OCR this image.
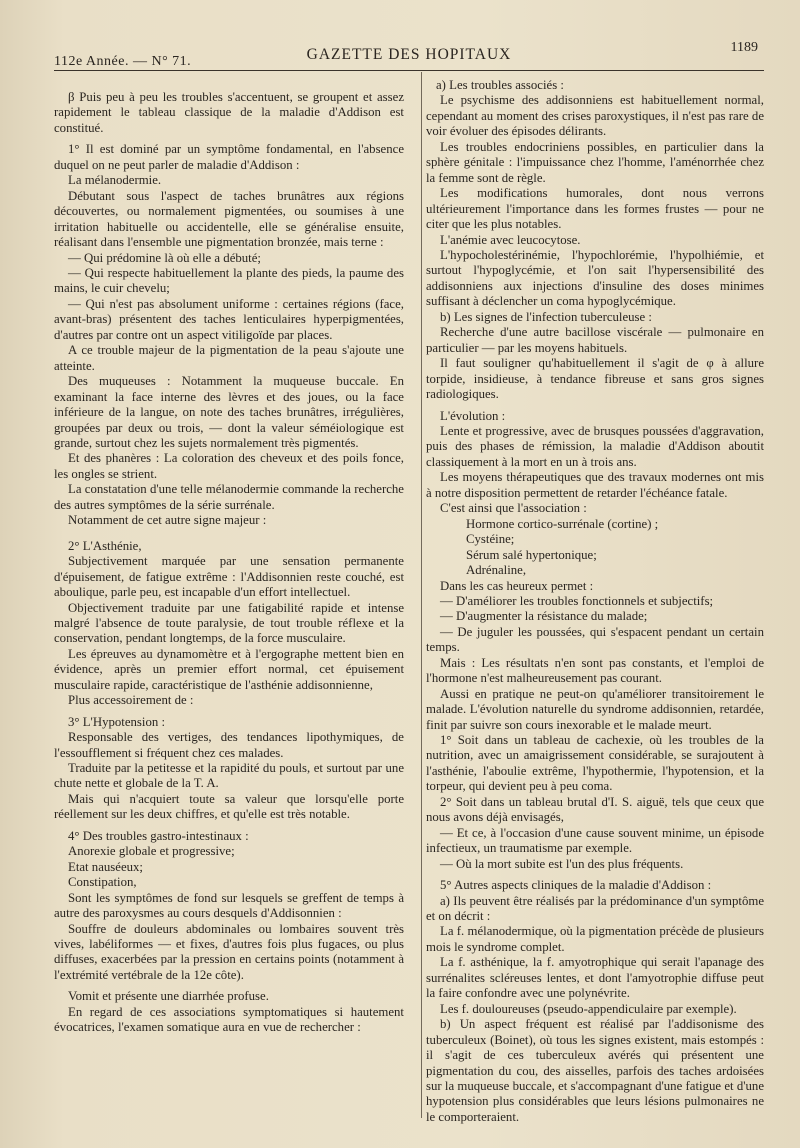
112e Année. — N° 71.	GAZETTE DES HOPITAUX	1189

β Puis peu à peu les troubles s'accentuent, se groupent et assez rapidement le tableau classique de la maladie d'Addison est constitué.

1° Il est dominé par un symptôme fondamental, en l'absence duquel on ne peut parler de maladie d'Addison :

La mélanodermie.

Débutant sous l'aspect de taches brunâtres aux régions découvertes, ou normalement pigmentées, ou soumises à une irritation habituelle ou accidentelle, elle se généralise ensuite, réalisant dans l'ensemble une pigmentation bronzée, mais terne :

— Qui prédomine là où elle a débuté;

— Qui respecte habituellement la plante des pieds, la paume des mains, le cuir chevelu;

— Qui n'est pas absolument uniforme : certaines régions (face, avant-bras) présentent des taches lenticulaires hyperpigmentées, d'autres par contre ont un aspect vitiligoïde par places.

A ce trouble majeur de la pigmentation de la peau s'ajoute une atteinte.

Des muqueuses : Notamment la muqueuse buccale. En examinant la face interne des lèvres et des joues, ou la face inférieure de la langue, on note des taches brunâtres, irrégulières, groupées par deux ou trois, — dont la valeur séméiologique est grande, surtout chez les sujets normalement très pigmentés.

Et des phanères : La coloration des cheveux et des poils fonce, les ongles se strient.

La constatation d'une telle mélanodermie commande la recherche des autres symptômes de la série surrénale.

Notamment de cet autre signe majeur :

2° L'Asthénie,

Subjectivement marquée par une sensation permanente d'épuisement, de fatigue extrême : l'Addisonnien reste couché, est aboulique, parle peu, est incapable d'un effort intellectuel.

Objectivement traduite par une fatigabilité rapide et intense malgré l'absence de toute paralysie, de tout trouble réflexe et la conservation, pendant longtemps, de la force musculaire.

Les épreuves au dynamomètre et à l'ergographe mettent bien en évidence, après un premier effort normal, cet épuisement musculaire rapide, caractéristique de l'asthénie addisonnienne,

Plus accessoirement de :

3° L'Hypotension :

Responsable des vertiges, des tendances lipothymiques, de l'essoufflement si fréquent chez ces malades.

Traduite par la petitesse et la rapidité du pouls, et surtout par une chute nette et globale de la T. A.

Mais qui n'acquiert toute sa valeur que lorsqu'elle porte réellement sur les deux chiffres, et qu'elle est très notable.

4° Des troubles gastro-intestinaux :

Anorexie globale et progressive;

Etat nauséeux;

Constipation,

Sont les symptômes de fond sur lesquels se greffent de temps à autre des paroxysmes au cours desquels d'Addisonnien :

Souffre de douleurs abdominales ou lombaires souvent très vives, labéliformes — et fixes, d'autres fois plus fugaces, ou plus diffuses, exacerbées par la pression en certains points (notamment à l'extrémité vertébrale de la 12e côte).

Vomit et présente une diarrhée profuse.

En regard de ces associations symptomatiques si hautement évocatrices, l'examen somatique aura en vue de rechercher :

a) Les troubles associés :

Le psychisme des addisonniens est habituellement normal, cependant au moment des crises paroxystiques, il n'est pas rare de voir évoluer des épisodes délirants.

Les troubles endocriniens possibles, en particulier dans la sphère génitale : l'impuissance chez l'homme, l'aménorrhée chez la femme sont de règle.

Les modifications humorales, dont nous verrons ultérieurement l'importance dans les formes frustes — pour ne citer que les plus notables.

L'anémie avec leucocytose.

L'hypocholestérinémie, l'hypochlorémie, l'hypolhiémie, et surtout l'hypoglycémie, et l'on sait l'hypersensibilité des addisonniens aux injections d'insuline des doses minimes suffisant à déclencher un coma hypoglycémique.

b) Les signes de l'infection tuberculeuse :

Recherche d'une autre bacillose viscérale — pulmonaire en particulier — par les moyens habituels.

Il faut souligner qu'habituellement il s'agit de φ à allure torpide, insidieuse, à tendance fibreuse et sans gros signes radiologiques.

L'évolution :

Lente et progressive, avec de brusques poussées d'aggravation, puis des phases de rémission, la maladie d'Addison aboutit classiquement à la mort en un à trois ans.

Les moyens thérapeutiques que des travaux modernes ont mis à notre disposition permettent de retarder l'échéance fatale.

C'est ainsi que l'association :

Hormone cortico-surrénale (cortine) ;

Cystéine;

Sérum salé hypertonique;

Adrénaline,

Dans les cas heureux permet :

— D'améliorer les troubles fonctionnels et subjectifs;

— D'augmenter la résistance du malade;

— De juguler les poussées, qui s'espacent pendant un certain temps.

Mais : Les résultats n'en sont pas constants, et l'emploi de l'hormone n'est malheureusement pas courant.

Aussi en pratique ne peut-on qu'améliorer transitoirement le malade. L'évolution naturelle du syndrome addisonnien, retardée, finit par suivre son cours inexorable et le malade meurt.

1° Soit dans un tableau de cachexie, où les troubles de la nutrition, avec un amaigrissement considérable, se surajoutent à l'asthénie, l'aboulie extrême, l'hypothermie, l'hypotension, et la torpeur, qui devient peu à peu coma.

2° Soit dans un tableau brutal d'I. S. aiguë, tels que ceux que nous avons déjà envisagés,

— Et ce, à l'occasion d'une cause souvent minime, un épisode infectieux, un traumatisme par exemple.

— Où la mort subite est l'un des plus fréquents.

5° Autres aspects cliniques de la maladie d'Addison :

a) Ils peuvent être réalisés par la prédominance d'un symptôme et on décrit :

La f. mélanodermique, où la pigmentation précède de plusieurs mois le syndrome complet.

La f. asthénique, la f. amyotrophique qui serait l'apanage des surrénalites scléreuses lentes, et dont l'amyotrophie diffuse peut la faire confondre avec une polynévrite.

Les f. douloureuses (pseudo-appendiculaire par exemple).

b) Un aspect fréquent est réalisé par l'addisonisme des tuberculeux (Boinet), où tous les signes existent, mais estompés : il s'agit de ces tuberculeux avérés qui présentent une pigmentation du cou, des aisselles, parfois des taches ardoisées sur la muqueuse buccale, et s'accompagnant d'une fatigue et d'une hypotension plus considérables que leurs lésions pulmonaires ne le comporteraient.
